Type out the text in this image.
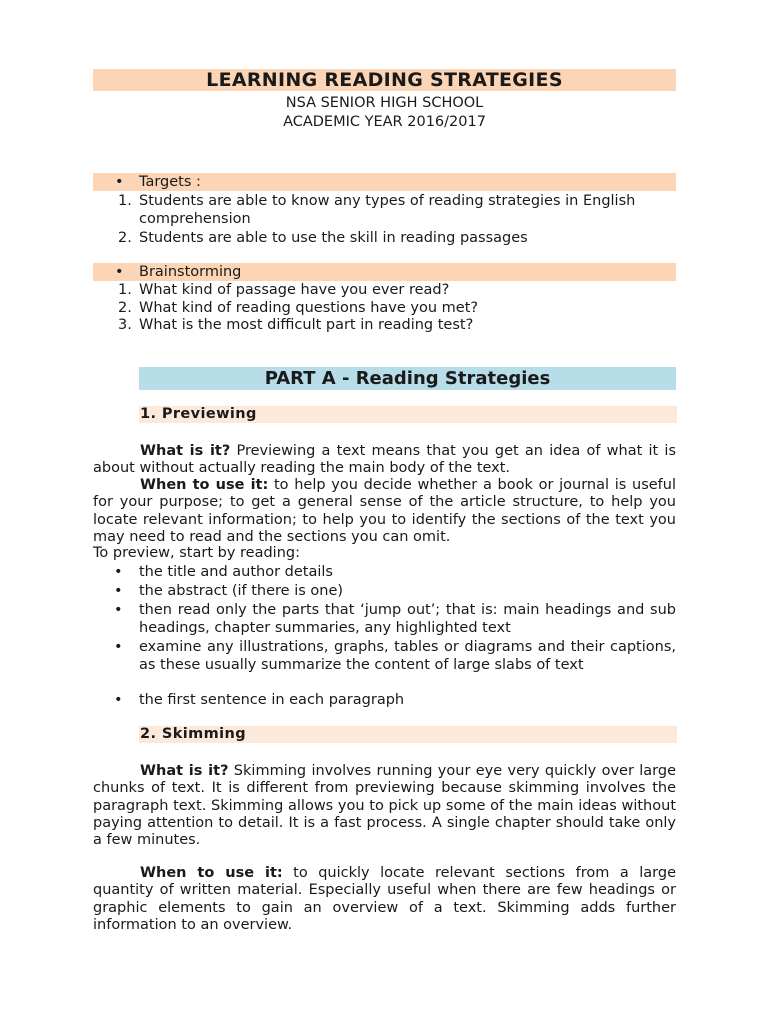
LEARNING READING STRATEGIES
NSA SENIOR HIGH SCHOOL
ACADEMIC YEAR 2016/2017
• Targets :
1. Students are able to know any types of reading strategies in English comprehension
2. Students are able to use the skill in reading passages
• Brainstorming
1. What kind of passage have you ever read?
2. What kind of reading questions have you met?
3. What is the most difficult part in reading test?
PART A - Reading Strategies
1. Previewing
What is it? Previewing a text means that you get an idea of what it is about without actually reading the main body of the text.
When to use it: to help you decide whether a book or journal is useful for your purpose; to get a general sense of the article structure, to help you locate relevant information; to help you to identify the sections of the text you may need to read and the sections you can omit.
To preview, start by reading:
• the title and author details
• the abstract (if there is one)
• then read only the parts that ‘jump out’; that is: main headings and sub headings, chapter summaries, any highlighted text
• examine any illustrations, graphs, tables or diagrams and their captions, as these usually summarize the content of large slabs of text
• the first sentence in each paragraph
2. Skimming
What is it? Skimming involves running your eye very quickly over large chunks of text. It is different from previewing because skimming involves the paragraph text. Skimming allows you to pick up some of the main ideas without paying attention to detail. It is a fast process. A single chapter should take only a few minutes.
When to use it: to quickly locate relevant sections from a large quantity of written material. Especially useful when there are few headings or graphic elements to gain an overview of a text. Skimming adds further information to an overview.
